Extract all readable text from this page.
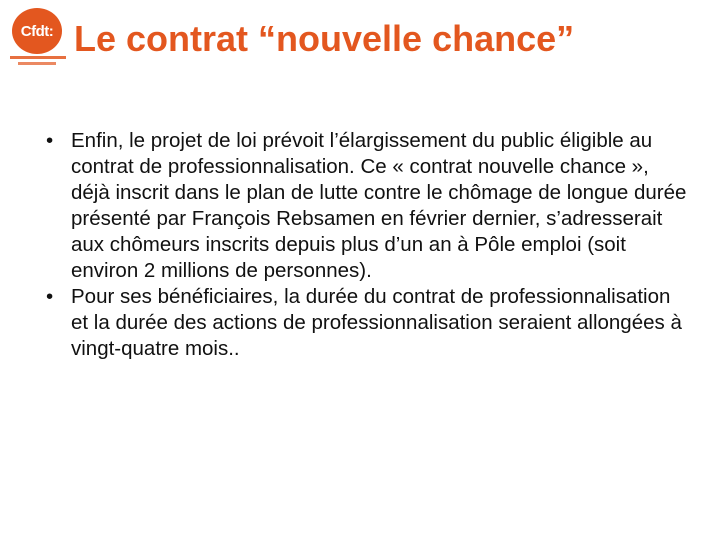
Cfdt: Le contrat “nouvelle chance”
• Enfin, le projet de loi prévoit l’élargissement du public éligible au contrat de professionnalisation. Ce « contrat nouvelle chance », déjà inscrit dans le plan de lutte contre le chômage de longue durée présenté par François Rebsamen en février dernier, s’adresserait aux chômeurs inscrits depuis plus d’un an à Pôle emploi (soit environ 2 millions de personnes).
• Pour ses bénéficiaires, la durée du contrat de professionnalisation et la durée des actions de professionnalisation seraient allongées à vingt-quatre mois..
